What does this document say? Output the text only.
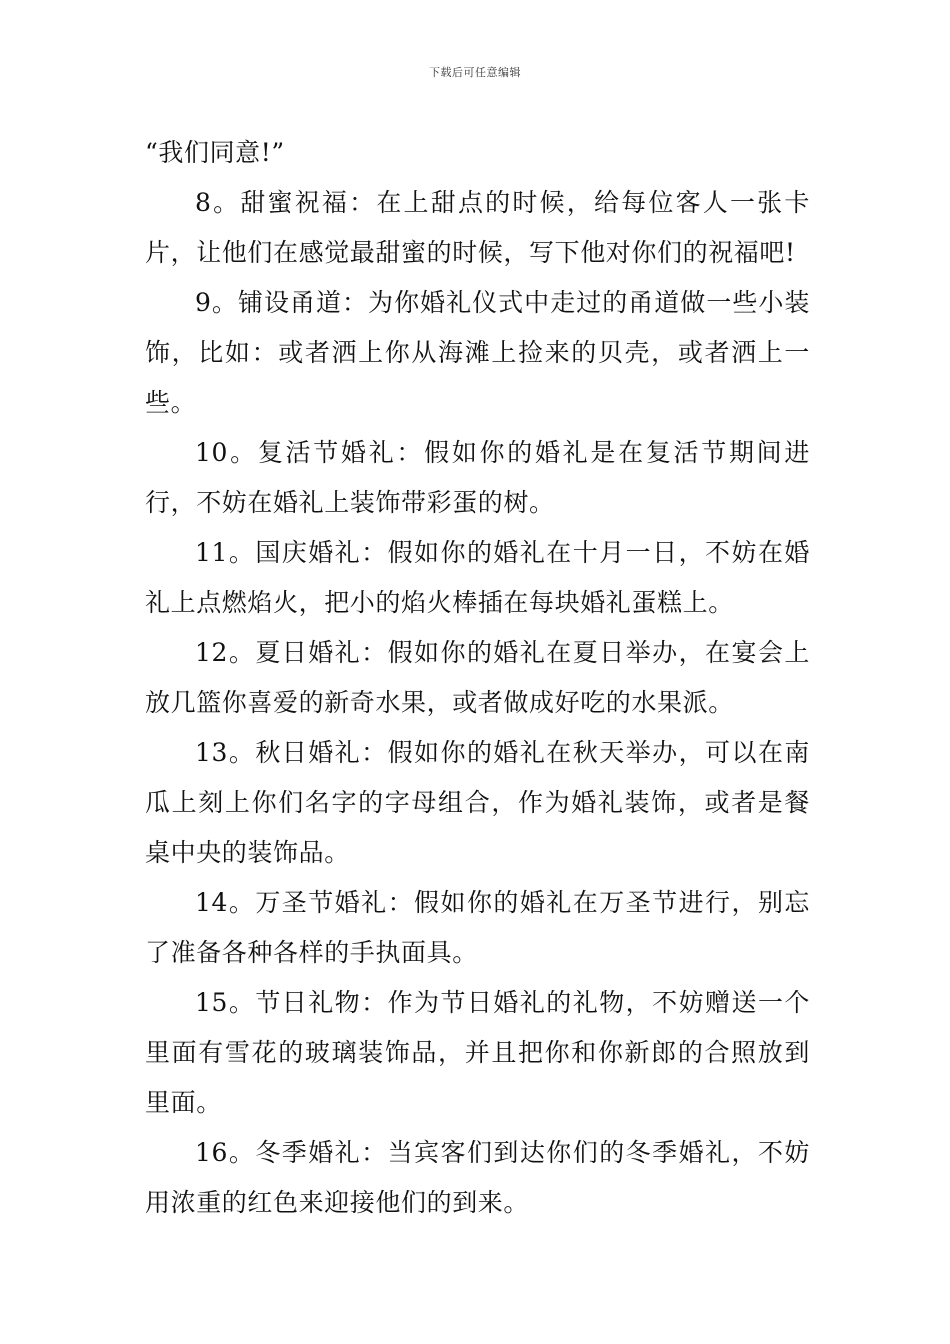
下载后可任意编辑

“我们同意!”

8。甜蜜祝福：在上甜点的时候，给每位客人一张卡片，让他们在感觉最甜蜜的时候，写下他对你们的祝福吧!

9。铺设甬道：为你婚礼仪式中走过的甬道做一些小装饰，比如：或者洒上你从海滩上捡来的贝壳，或者洒上一些。

10。复活节婚礼：假如你的婚礼是在复活节期间进行，不妨在婚礼上装饰带彩蛋的树。

11。国庆婚礼：假如你的婚礼在十月一日，不妨在婚礼上点燃焰火，把小的焰火棒插在每块婚礼蛋糕上。

12。夏日婚礼：假如你的婚礼在夏日举办，在宴会上放几篮你喜爱的新奇水果，或者做成好吃的水果派。

13。秋日婚礼：假如你的婚礼在秋天举办，可以在南瓜上刻上你们名字的字母组合，作为婚礼装饰，或者是餐桌中央的装饰品。

14。万圣节婚礼：假如你的婚礼在万圣节进行，别忘了准备各种各样的手执面具。

15。节日礼物：作为节日婚礼的礼物，不妨赠送一个里面有雪花的玻璃装饰品，并且把你和你新郎的合照放到里面。

16。冬季婚礼：当宾客们到达你们的冬季婚礼，不妨用浓重的红色来迎接他们的到来。
